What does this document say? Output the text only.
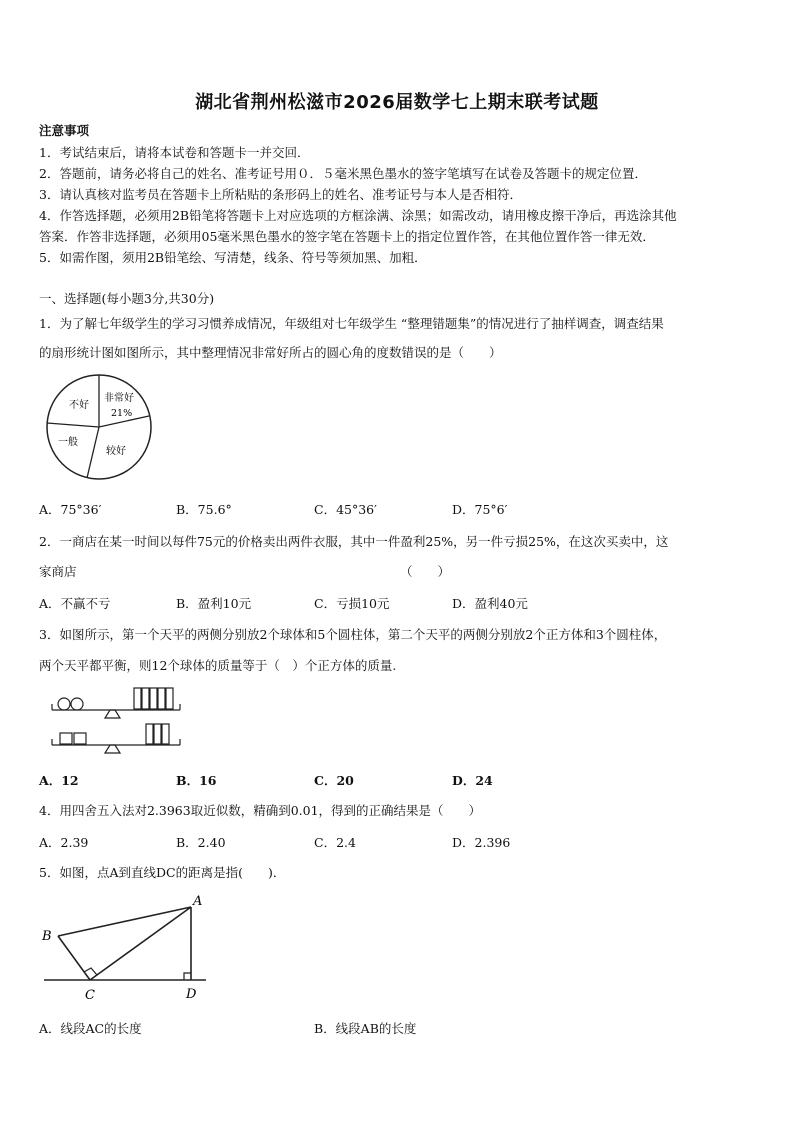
湖北省荆州松滋市2026届数学七上期末联考试题
注意事项
1．考试结束后，请将本试卷和答题卡一并交回．
2．答题前，请务必将自己的姓名、准考证号用０．５毫米黑色墨水的签字笔填写在试卷及答题卡的规定位置．
3．请认真核对监考员在答题卡上所粘贴的条形码上的姓名、准考证号与本人是否相符．
4．作答选择题，必须用2B铅笔将答题卡上对应选项的方框涂满、涂黑；如需改动，请用橡皮擦干净后，再选涂其他
答案．作答非选择题，必须用05毫米黑色墨水的签字笔在答题卡上的指定位置作答，在其他位置作答一律无效．
5．如需作图，须用2B铅笔绘、写清楚，线条、符号等须加黑、加粗．
一、选择题(每小题3分,共30分)
1．为了解七年级学生的学习习惯养成情况，年级组对七年级学生 “整理错题集”的情况进行了抽样调查，调查结果
的扇形统计图如图所示，其中整理情况非常好所占的圆心角的度数错误的是（　　）
非常好
21%
不好
一般
较好
A．75°36′	B．75.6°	C．45°36′	D．75°6′
2．一商店在某一时间以每件75元的价格卖出两件衣服，其中一件盈利25%，另一件亏损25%，在这次买卖中，这
家商店	（　　）
A．不赢不亏	B．盈利10元	C．亏损10元	D．盈利40元
3．如图所示，第一个天平的两侧分别放2个球体和5个圆柱体，第二个天平的两侧分别放2个正方体和3个圆柱体，
两个天平都平衡，则12个球体的质量等于（　）个正方体的质量.
A．12	B．16	C．20	D．24
4．用四舍五入法对2.3963取近似数，精确到0.01，得到的正确结果是（　　）
A．2.39	B．2.40	C．2.4	D．2.396
5．如图，点A到直线DC的距离是指(　　)．
A
B
C	D
A．线段AC的长度	B．线段AB的长度
